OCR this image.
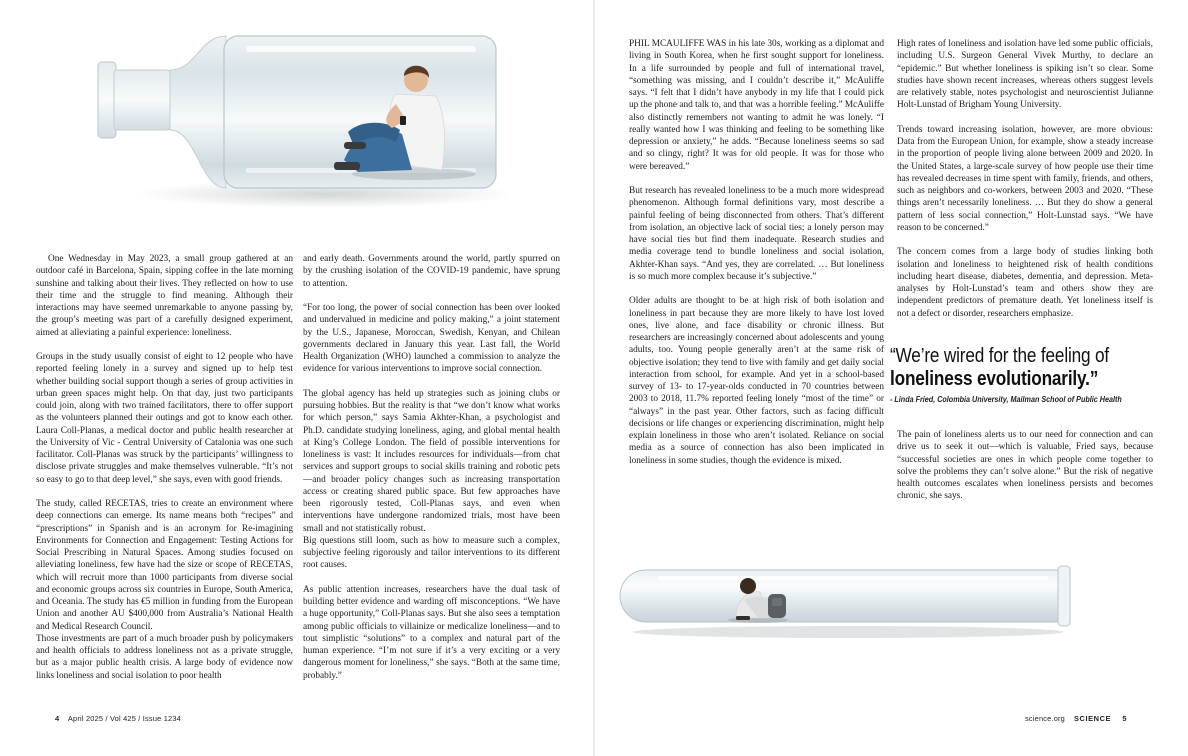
One Wednesday in May 2023, a small group gathered at an outdoor café in Barcelona, Spain, sipping coffee in the late morning sunshine and talking about their lives. They reflected on how to use their time and the struggle to find meaning. Although their interactions may have seemed unremarkable to anyone passing by, the group’s meeting was part of a carefully designed experiment, aimed at alleviating a painful experience: loneliness.

Groups in the study usually consist of eight to 12 people who have reported feeling lonely in a survey and signed up to help test whether building social support though a series of group activities in urban green spaces might help. On that day, just two participants could join, along with two trained facilitators, there to offer support as the volunteers planned their outings and got to know each other. Laura Coll-Planas, a medical doctor and public health researcher at the University of Vic - Central University of Catalonia was one such facilitator. Coll-Planas was struck by the participants’ willingness to disclose private struggles and make themselves vulnerable. “It’s not so easy to go to that deep level,” she says, even with good friends.

The study, called RECETAS, tries to create an environment where deep connections can emerge. Its name means both “recipes” and “prescriptions” in Spanish and is an acronym for Re-imagining Environments for Connection and Engagement: Testing Actions for Social Prescribing in Natural Spaces. Among studies focused on alleviating loneliness, few have had the size or scope of RECETAS, which will recruit more than 1000 participants from diverse social and economic groups across six countries in Europe, South America, and Oceania. The study has €5 million in funding from the European Union and another AU $400,000 from Australia’s National Health and Medical Research Council.

Those investments are part of a much broader push by policymakers and health officials to address loneliness not as a private struggle, but as a major public health crisis. A large body of evidence now links loneliness and social isolation to poor health

and early death. Governments around the world, partly spurred on by the crushing isolation of the COVID-19 pandemic, have sprung to attention.

“For too long, the power of social connection has been over looked and undervalued in medicine and policy making,” a joint statement by the U.S., Japanese, Moroccan, Swedish, Kenyan, and Chilean governments declared in January this year. Last fall, the World Health Organization (WHO) launched a commission to analyze the evidence for various interventions to improve social connection.

The global agency has held up strategies such as joining clubs or pursuing hobbies. But the reality is that “we don’t know what works for which person,” says Samia Akhter-Khan, a psychologist and Ph.D. candidate studying loneliness, aging, and global mental health at King’s College London. The field of possible interventions for loneliness is vast: It includes resources for individuals—from chat services and support groups to social skills training and robotic pets—and broader policy changes such as increasing transportation access or creating shared public space. But few approaches have been rigorously tested, Coll-Planas says, and even when interventions have undergone randomized trials, most have been small and not statistically robust.

Big questions still loom, such as how to measure such a complex, subjective feeling rigorously and tailor interventions to its different root causes.

As public attention increases, researchers have the dual task of building better evidence and warding off misconceptions. “We have a huge opportunity,” Coll-Planas says. But she also sees a temptation among public officials to villainize or medicalize loneliness—and to tout simplistic “solutions” to a complex and natural part of the human experience. “I’m not sure if it’s a very exciting or a very dangerous moment for loneliness,” she says. “Both at the same time, probably.”

PHIL MCAULIFFE WAS in his late 30s, working as a diplomat and living in South Korea, when he first sought support for loneliness. In a life surrounded by people and full of international travel, “something was missing, and I couldn’t describe it,” McAuliffe says. “I felt that I didn’t have anybody in my life that I could pick up the phone and talk to, and that was a horrible feeling.” McAuliffe also distinctly remembers not wanting to admit he was lonely. “I really wanted how I was thinking and feeling to be something like depression or anxiety,” he adds. “Because loneliness seems so sad and so clingy, right? It was for old people. It was for those who were bereaved.”

But research has revealed loneliness to be a much more widespread phenomenon. Although formal definitions vary, most describe a painful feeling of being disconnected from others. That’s different from isolation, an objective lack of social ties; a lonely person may have social ties but find them inadequate. Research studies and media coverage tend to bundle loneliness and social isolation, Akhter-Khan says. “And yes, they are correlated. … But loneliness is so much more complex because it’s subjective.”

Older adults are thought to be at high risk of both isolation and loneliness in part because they are more likely to have lost loved ones, live alone, and face disability or chronic illness. But researchers are increasingly concerned about adolescents and young adults, too. Young people generally aren’t at the same risk of objective isolation; they tend to live with family and get daily social interaction from school, for example. And yet in a school-based survey of 13- to 17-year-olds conducted in 70 countries between 2003 to 2018, 11.7% reported feeling lonely “most of the time” or “always” in the past year. Other factors, such as facing difficult decisions or life changes or experiencing discrimination, might help explain loneliness in those who aren’t isolated. Reliance on social media as a source of connection has also been implicated in loneliness in some studies, though the evidence is mixed.

High rates of loneliness and isolation have led some public officials, including U.S. Surgeon General Vivek Murthy, to declare an “epidemic.” But whether loneliness is spiking isn’t so clear. Some studies have shown recent increases, whereas others suggest levels are relatively stable, notes psychologist and neuroscientist Julianne Holt-Lunstad of Brigham Young University.

Trends toward increasing isolation, however, are more obvious: Data from the European Union, for example, show a steady increase in the proportion of people living alone between 2009 and 2020. In the United States, a large-scale survey of how people use their time has revealed decreases in time spent with family, friends, and others, such as neighbors and co-workers, between 2003 and 2020. “These things aren’t necessarily loneliness. … But they do show a general pattern of less social connection,” Holt-Lunstad says. “We have reason to be concerned.”

The concern comes from a large body of studies linking both isolation and loneliness to heightened risk of health conditions including heart disease, diabetes, dementia, and depression. Meta-analyses by Holt-Lunstad’s team and others show they are independent predictors of premature death. Yet loneliness itself is not a defect or disorder, researchers emphasize.

“We’re wired for the feeling of
loneliness evolutionarily.”
- Linda Fried, Colombia University, Mailman School of Public Health

The pain of loneliness alerts us to our need for connection and can drive us to seek it out—which is valuable, Fried says, because “successful societies are ones in which people come together to solve the problems they can’t solve alone.” But the risk of negative health outcomes escalates when loneliness persists and becomes chronic, she says.

4 April 2025 / Vol 425 / Issue 1234	science.org SCIENCE 5
